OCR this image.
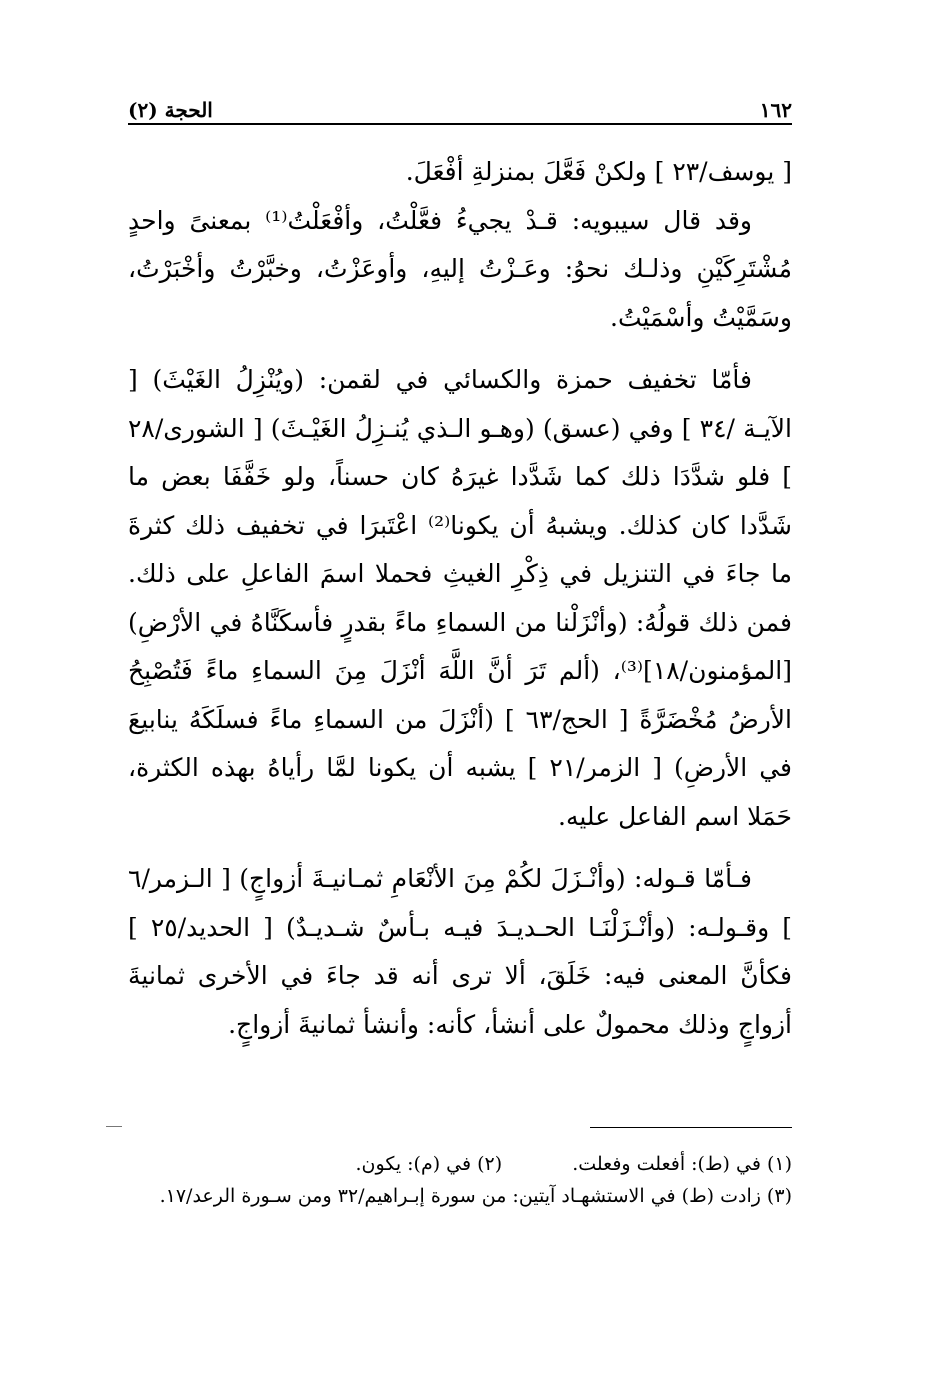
١٦٢
الحجة (٢)

[ يوسف/٢٣ ] ولكنْ فَعَّلَ بمنزلةِ أفْعَلَ.

وقد قال سيبويه: قـدْ يجيءُ فعَّلْتُ، وأفْعَلْتُ⁽¹⁾ بمعنىً واحدٍ مُشْتَرِكَيْنِ وذلـك نحوُ: وعَـزْتُ إليهِ، وأوعَزْتُ، وخبَّرْتُ وأخْبَرْتُ، وسَمَّيْتُ وأسْمَيْتُ.

فأمّا تخفيف حمزة والكسائي في لقمن: (ويُنْزِلُ الغَيْثَ) [ الآيـة /٣٤ ] وفي (عسق) (وهـو الـذي يُنـزِلُ الغَيْـثَ) [ الشورى/٢٨ ] فلو شدَّدَا ذلك كما شَدَّدا غيرَهُ كان حسناً، ولو خَفَّفَا بعض ما شَدَّدا كان كذلك. ويشبهُ أن يكونا⁽²⁾ اعْتَبرَا في تخفيف ذلك كثرةَ ما جاءَ في التنزيل في ذِكْرِ الغيثِ فحملا اسمَ الفاعلِ على ذلك. فمن ذلك قولُهُ: (وأنْزَلْنا من السماءِ ماءً بقدرٍ فأسكَنَّاهُ في الأرْضِ) [المؤمنون/١٨]⁽³⁾، (ألم تَرَ أنَّ اللَّهَ أنْزَلَ مِنَ السماءِ ماءً فَتُصْبِحُ الأرضُ مُخْضَرَّةً [ الحج/٦٣ ] (أنْزَلَ من السماءِ ماءً فسلَكَهُ ينابيعَ في الأرضِ) [ الزمر/٢١ ] يشبه أن يكونا لمَّا رأياهُ بهذه الكثرة، حَمَلا اسم الفاعل عليه.

فـأمّا قـوله: (وأنْـزَلَ لكُمْ مِنَ الأنْعَامِ ثمـانيـةَ أزواجٍ) [ الـزمر/٦ ] وقـولـه: (وأنْـزَلْنَـا الحـديـدَ فيـه بـأسٌ شـديـدٌ) [ الحديد/٢٥ ] فكأنَّ المعنى فيه: خَلَقَ، ألا ترى أنه قد جاءَ في الأخرى ثمانيةَ أزواجٍ وذلك محمولٌ على أنشأ، كأنه: وأنشأ ثمانيةَ أزواجٍ.

(١) في (ط): أفعلت وفعلت.
(٢) في (م): يكون.
(٣) زادت (ط) في الاستشهـاد آيتين: من سورة إبـراهيم/٣٢ ومن سـورة الرعد/١٧.
